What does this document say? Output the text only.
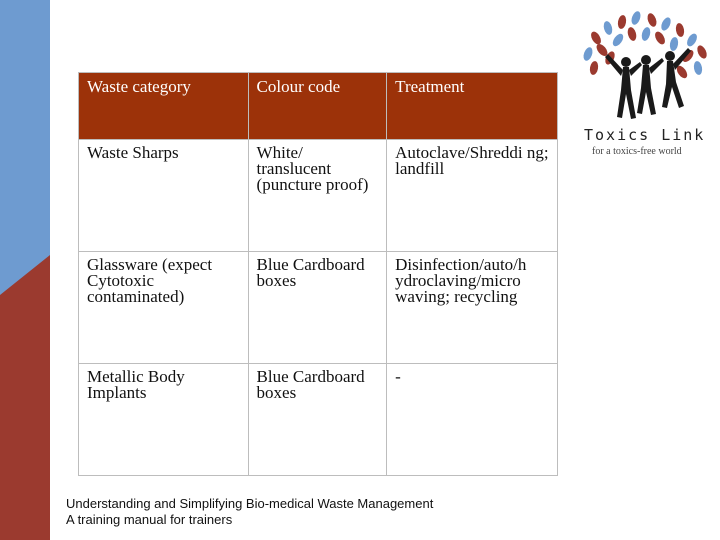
Waste category	Colour code	Treatment
Waste Sharps	White/ translucent (puncture proof)	Autoclave/Shreddi ng; landfill
Glassware (expect Cytotoxic contaminated)	Blue Cardboard boxes	Disinfection/auto/h ydroclaving/micro waving; recycling
Metallic Body Implants	Blue Cardboard boxes	-
Toxics Link
for a toxics-free world
Understanding and Simplifying Bio-medical Waste Management
A training manual for trainers
